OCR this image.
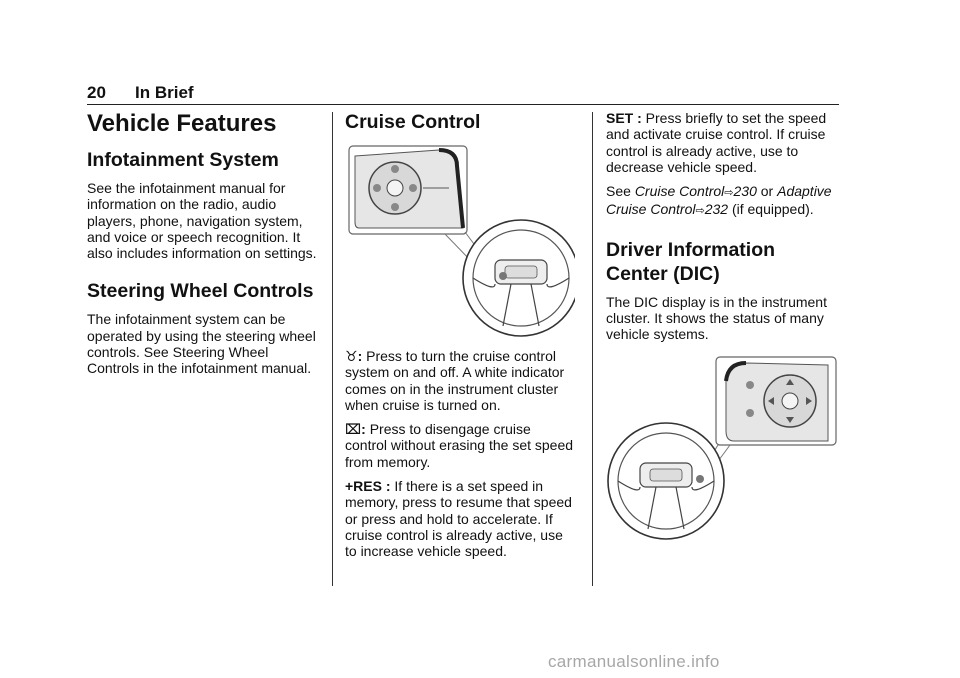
20 In Brief
Vehicle Features
Infotainment System

See the infotainment manual for information on the radio, audio players, phone, navigation system, and voice or speech recognition. It also includes information on settings.

Steering Wheel Controls

The infotainment system can be operated by using the steering wheel controls. See Steering Wheel Controls in the infotainment manual.

Cruise Control

♉: Press to turn the cruise control system on and off. A white indicator comes on in the instrument cluster when cruise is turned on.

⌧: Press to disengage cruise control without erasing the set speed from memory.

+RES : If there is a set speed in memory, press to resume that speed or press and hold to accelerate. If cruise control is already active, use to increase vehicle speed.

SET : Press briefly to set the speed and activate cruise control. If cruise control is already active, use to decrease vehicle speed.

See Cruise Control⇨230 or Adaptive Cruise Control⇨232 (if equipped).

Driver Information
Center (DIC)

The DIC display is in the instrument cluster. It shows the status of many vehicle systems.

carmanualsonline.info
